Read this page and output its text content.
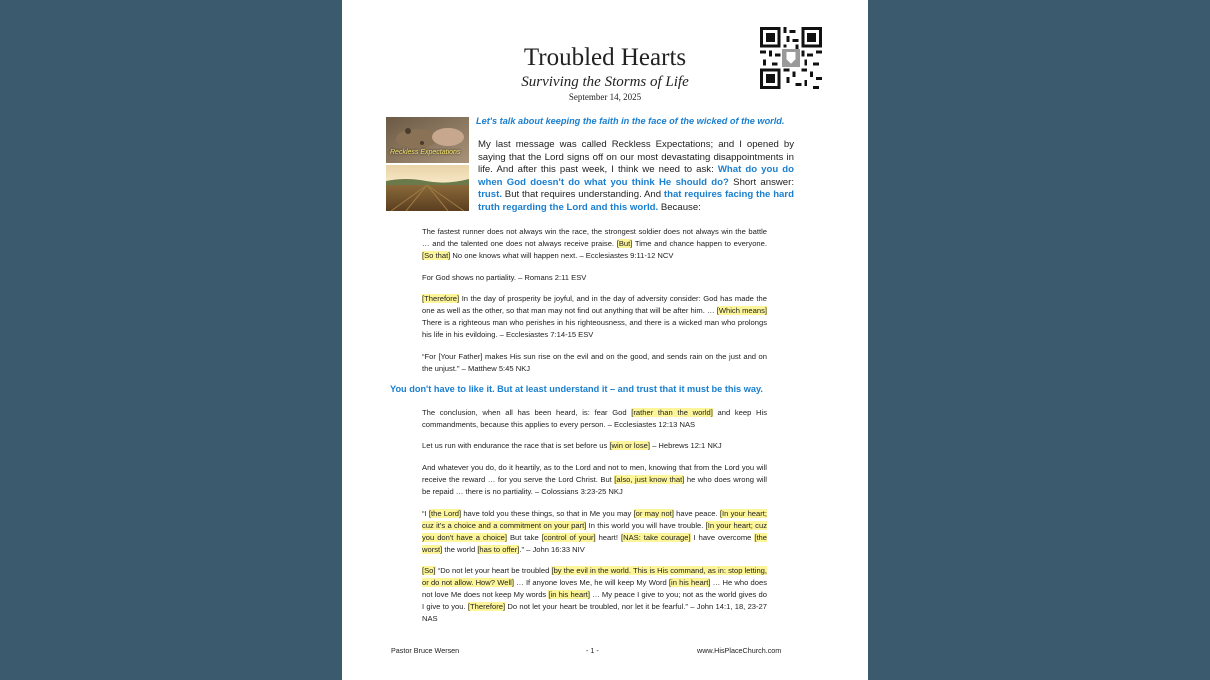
Troubled Hearts
Surviving the Storms of Life
September 14, 2025
Reckless Expectations
Let's talk about keeping the faith in the face of the wicked of the world.
My last message was called Reckless Expectations; and I opened by saying that the Lord signs off on our most devastating disappointments in life. And after this past week, I think we need to ask: What do you do when God doesn't do what you think He should do? Short answer: trust. But that requires understanding. And that requires facing the hard truth regarding the Lord and this world. Because:
The fastest runner does not always win the race, the strongest soldier does not always win the battle … and the talented one does not always receive praise. [But] Time and chance happen to everyone. [So that] No one knows what will happen next. – Ecclesiastes 9:11-12 NCV
For God shows no partiality. – Romans 2:11 ESV
[Therefore] In the day of prosperity be joyful, and in the day of adversity consider: God has made the one as well as the other, so that man may not find out anything that will be after him. … [Which means] There is a righteous man who perishes in his righteousness, and there is a wicked man who prolongs his life in his evildoing. – Ecclesiastes 7:14-15 ESV
“For [Your Father] makes His sun rise on the evil and on the good, and sends rain on the just and on the unjust.” – Matthew 5:45 NKJ
You don't have to like it. But at least understand it – and trust that it must be this way.
The conclusion, when all has been heard, is: fear God [rather than the world] and keep His commandments, because this applies to every person. – Ecclesiastes 12:13 NAS
Let us run with endurance the race that is set before us [win or lose] – Hebrews 12:1 NKJ
And whatever you do, do it heartily, as to the Lord and not to men, knowing that from the Lord you will receive the reward … for you serve the Lord Christ. But [also, just know that] he who does wrong will be repaid … there is no partiality. – Colossians 3:23-25 NKJ
“I [the Lord] have told you these things, so that in Me you may [or may not] have peace. [In your heart; cuz it's a choice and a commitment on your part] In this world you will have trouble. [In your heart; cuz you don't have a choice] But take [control of your] heart! [NAS: take courage] I have overcome [the worst] the world [has to offer].” – John 16:33 NIV
[So] “Do not let your heart be troubled [by the evil in the world. This is His command, as in: stop letting, or do not allow. How? Well] … If anyone loves Me, he will keep My Word [in his heart] … He who does not love Me does not keep My words [in his heart] … My peace I give to you; not as the world gives do I give to you. [Therefore] Do not let your heart be troubled, nor let it be fearful.” – John 14:1, 18, 23-27 NAS
Pastor Bruce Wersen	- 1 -	www.HisPlaceChurch.com
